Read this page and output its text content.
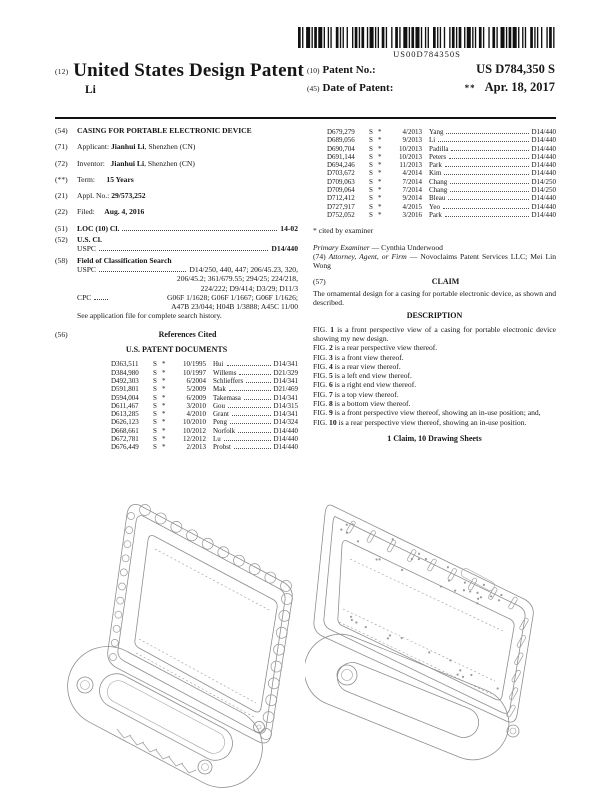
US00D784350S
(12) United States Design Patent
Li
(10) Patent No.:	US D784,350 S
(45) Date of Patent:	** Apr. 18, 2017
(54)	CASING FOR PORTABLE ELECTRONIC DEVICE
(71)	Applicant: Jianhui Li, Shenzhen (CN)
(72)	Inventor: Jianhui Li, Shenzhen (CN)
(**)	Term: 15 Years
(21)	Appl. No.: 29/573,252
(22)	Filed: Aug. 4, 2016
(51)	LOC (10) Cl.	14-02
(52)	U.S. Cl.
USPC	D14/440
(58)	Field of Classification Search
USPC	D14/250, 440, 447; 206/45.23, 320,
206/45.2; 361/679.55; 294/25; 224/218,
224/222; D9/414; D3/29; D11/3
CPC	G06F 1/1628; G06F 1/1667; G06F 1/1626;
A47B 23/044; H04B 1/3888; A45C 11/00
See application file for complete search history.
(56)	References Cited
U.S. PATENT DOCUMENTS
D363,511	S *	10/1995 Hui	D14/341
D384,980	S *	10/1997 Willems	D21/329
D492,303	S *	6/2004 Schlieffers	D14/341
D591,801	S *	5/2009 Mak	D21/469
D594,004	S *	6/2009 Takemasa	D14/341
D611,467	S *	3/2010 Gou	D14/315
D613,285	S *	4/2010 Grant	D14/341
D626,123	S *	10/2010 Peng	D14/324
D668,661	S *	10/2012 Norfolk	D14/440
D672,781	S *	12/2012 Lu	D14/440
D676,449	S *	2/2013 Probst	D14/440
D679,279	S *	4/2013 Yang	D14/440
D689,056	S *	9/2013 Li	D14/440
D690,704	S *	10/2013 Padilla	D14/440
D691,144	S *	10/2013 Peters	D14/440
D694,246	S *	11/2013 Park	D14/440
D703,672	S *	4/2014 Kim	D14/440
D709,063	S *	7/2014 Chang	D14/250
D709,064	S *	7/2014 Chang	D14/250
D712,412	S *	9/2014 Bleau	D14/440
D727,917	S *	4/2015 Yeo	D14/440
D752,052	S *	3/2016 Park	D14/440
* cited by examiner
Primary Examiner — Cynthia Underwood
(74) Attorney, Agent, or Firm — Novoclaims Patent Services LLC; Mei Lin Wong
(57)	CLAIM
The ornamental design for a casing for portable electronic device, as shown and described.
DESCRIPTION
FIG. 1 is a front perspective view of a casing for portable electronic device showing my new design.
FIG. 2 is a rear perspective view thereof.
FIG. 3 is a front view thereof.
FIG. 4 is a rear view thereof.
FIG. 5 is a left end view thereof.
FIG. 6 is a right end view thereof.
FIG. 7 is a top view thereof.
FIG. 8 is a bottom view thereof.
FIG. 9 is a front perspective view thereof, showing an in-use position; and,
FIG. 10 is a rear perspective view thereof, showing an in-use position.
1 Claim, 10 Drawing Sheets
